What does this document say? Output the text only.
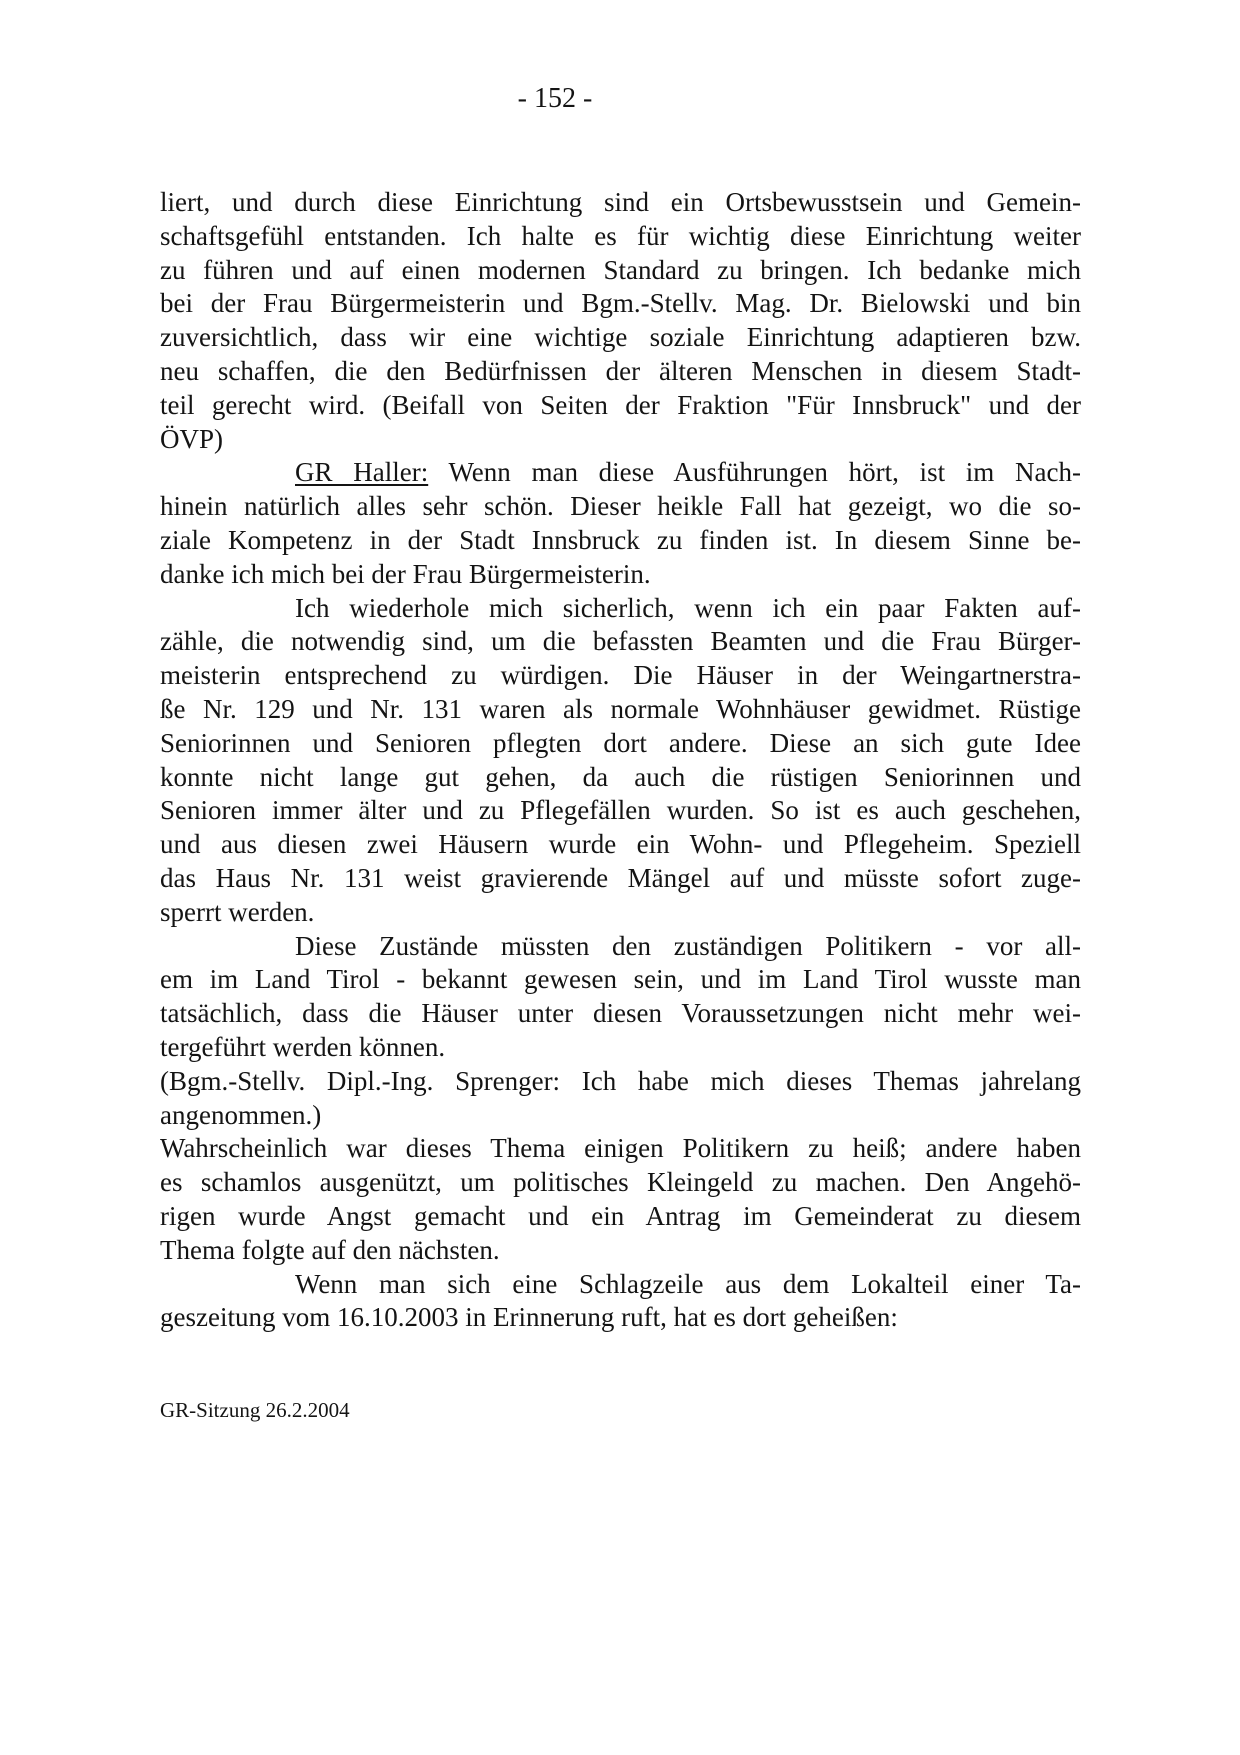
- 152 -
liert, und durch diese Einrichtung sind ein Ortsbewusstsein und Gemein-
schaftsgefühl entstanden. Ich halte es für wichtig diese Einrichtung weiter
zu führen und auf einen modernen Standard zu bringen. Ich bedanke mich
bei der Frau Bürgermeisterin und Bgm.-Stellv. Mag. Dr. Bielowski und bin
zuversichtlich, dass wir eine wichtige soziale Einrichtung adaptieren bzw.
neu schaffen, die den Bedürfnissen der älteren Menschen in diesem Stadt-
teil gerecht wird. (Beifall von Seiten der Fraktion "Für Innsbruck" und der
ÖVP)
GR Haller: Wenn man diese Ausführungen hört, ist im Nach-
hinein natürlich alles sehr schön. Dieser heikle Fall hat gezeigt, wo die so-
ziale Kompetenz in der Stadt Innsbruck zu finden ist. In diesem Sinne be-
danke ich mich bei der Frau Bürgermeisterin.
Ich wiederhole mich sicherlich, wenn ich ein paar Fakten auf-
zähle, die notwendig sind, um die befassten Beamten und die Frau Bürger-
meisterin entsprechend zu würdigen. Die Häuser in der Weingartnerstra-
ße Nr. 129 und Nr. 131 waren als normale Wohnhäuser gewidmet. Rüstige
Seniorinnen und Senioren pflegten dort andere. Diese an sich gute Idee
konnte nicht lange gut gehen, da auch die rüstigen Seniorinnen und
Senioren immer älter und zu Pflegefällen wurden. So ist es auch geschehen,
und aus diesen zwei Häusern wurde ein Wohn- und Pflegeheim. Speziell
das Haus Nr. 131 weist gravierende Mängel auf und müsste sofort zuge-
sperrt werden.
Diese Zustände müssten den zuständigen Politikern - vor all-
em im Land Tirol - bekannt gewesen sein, und im Land Tirol wusste man
tatsächlich, dass die Häuser unter diesen Voraussetzungen nicht mehr wei-
tergeführt werden können.
(Bgm.-Stellv. Dipl.-Ing. Sprenger: Ich habe mich dieses Themas jahrelang
angenommen.)
Wahrscheinlich war dieses Thema einigen Politikern zu heiß; andere haben
es schamlos ausgenützt, um politisches Kleingeld zu machen. Den Angehö-
rigen wurde Angst gemacht und ein Antrag im Gemeinderat zu diesem
Thema folgte auf den nächsten.
Wenn man sich eine Schlagzeile aus dem Lokalteil einer Ta-
geszeitung vom 16.10.2003 in Erinnerung ruft, hat es dort geheißen:
GR-Sitzung 26.2.2004
